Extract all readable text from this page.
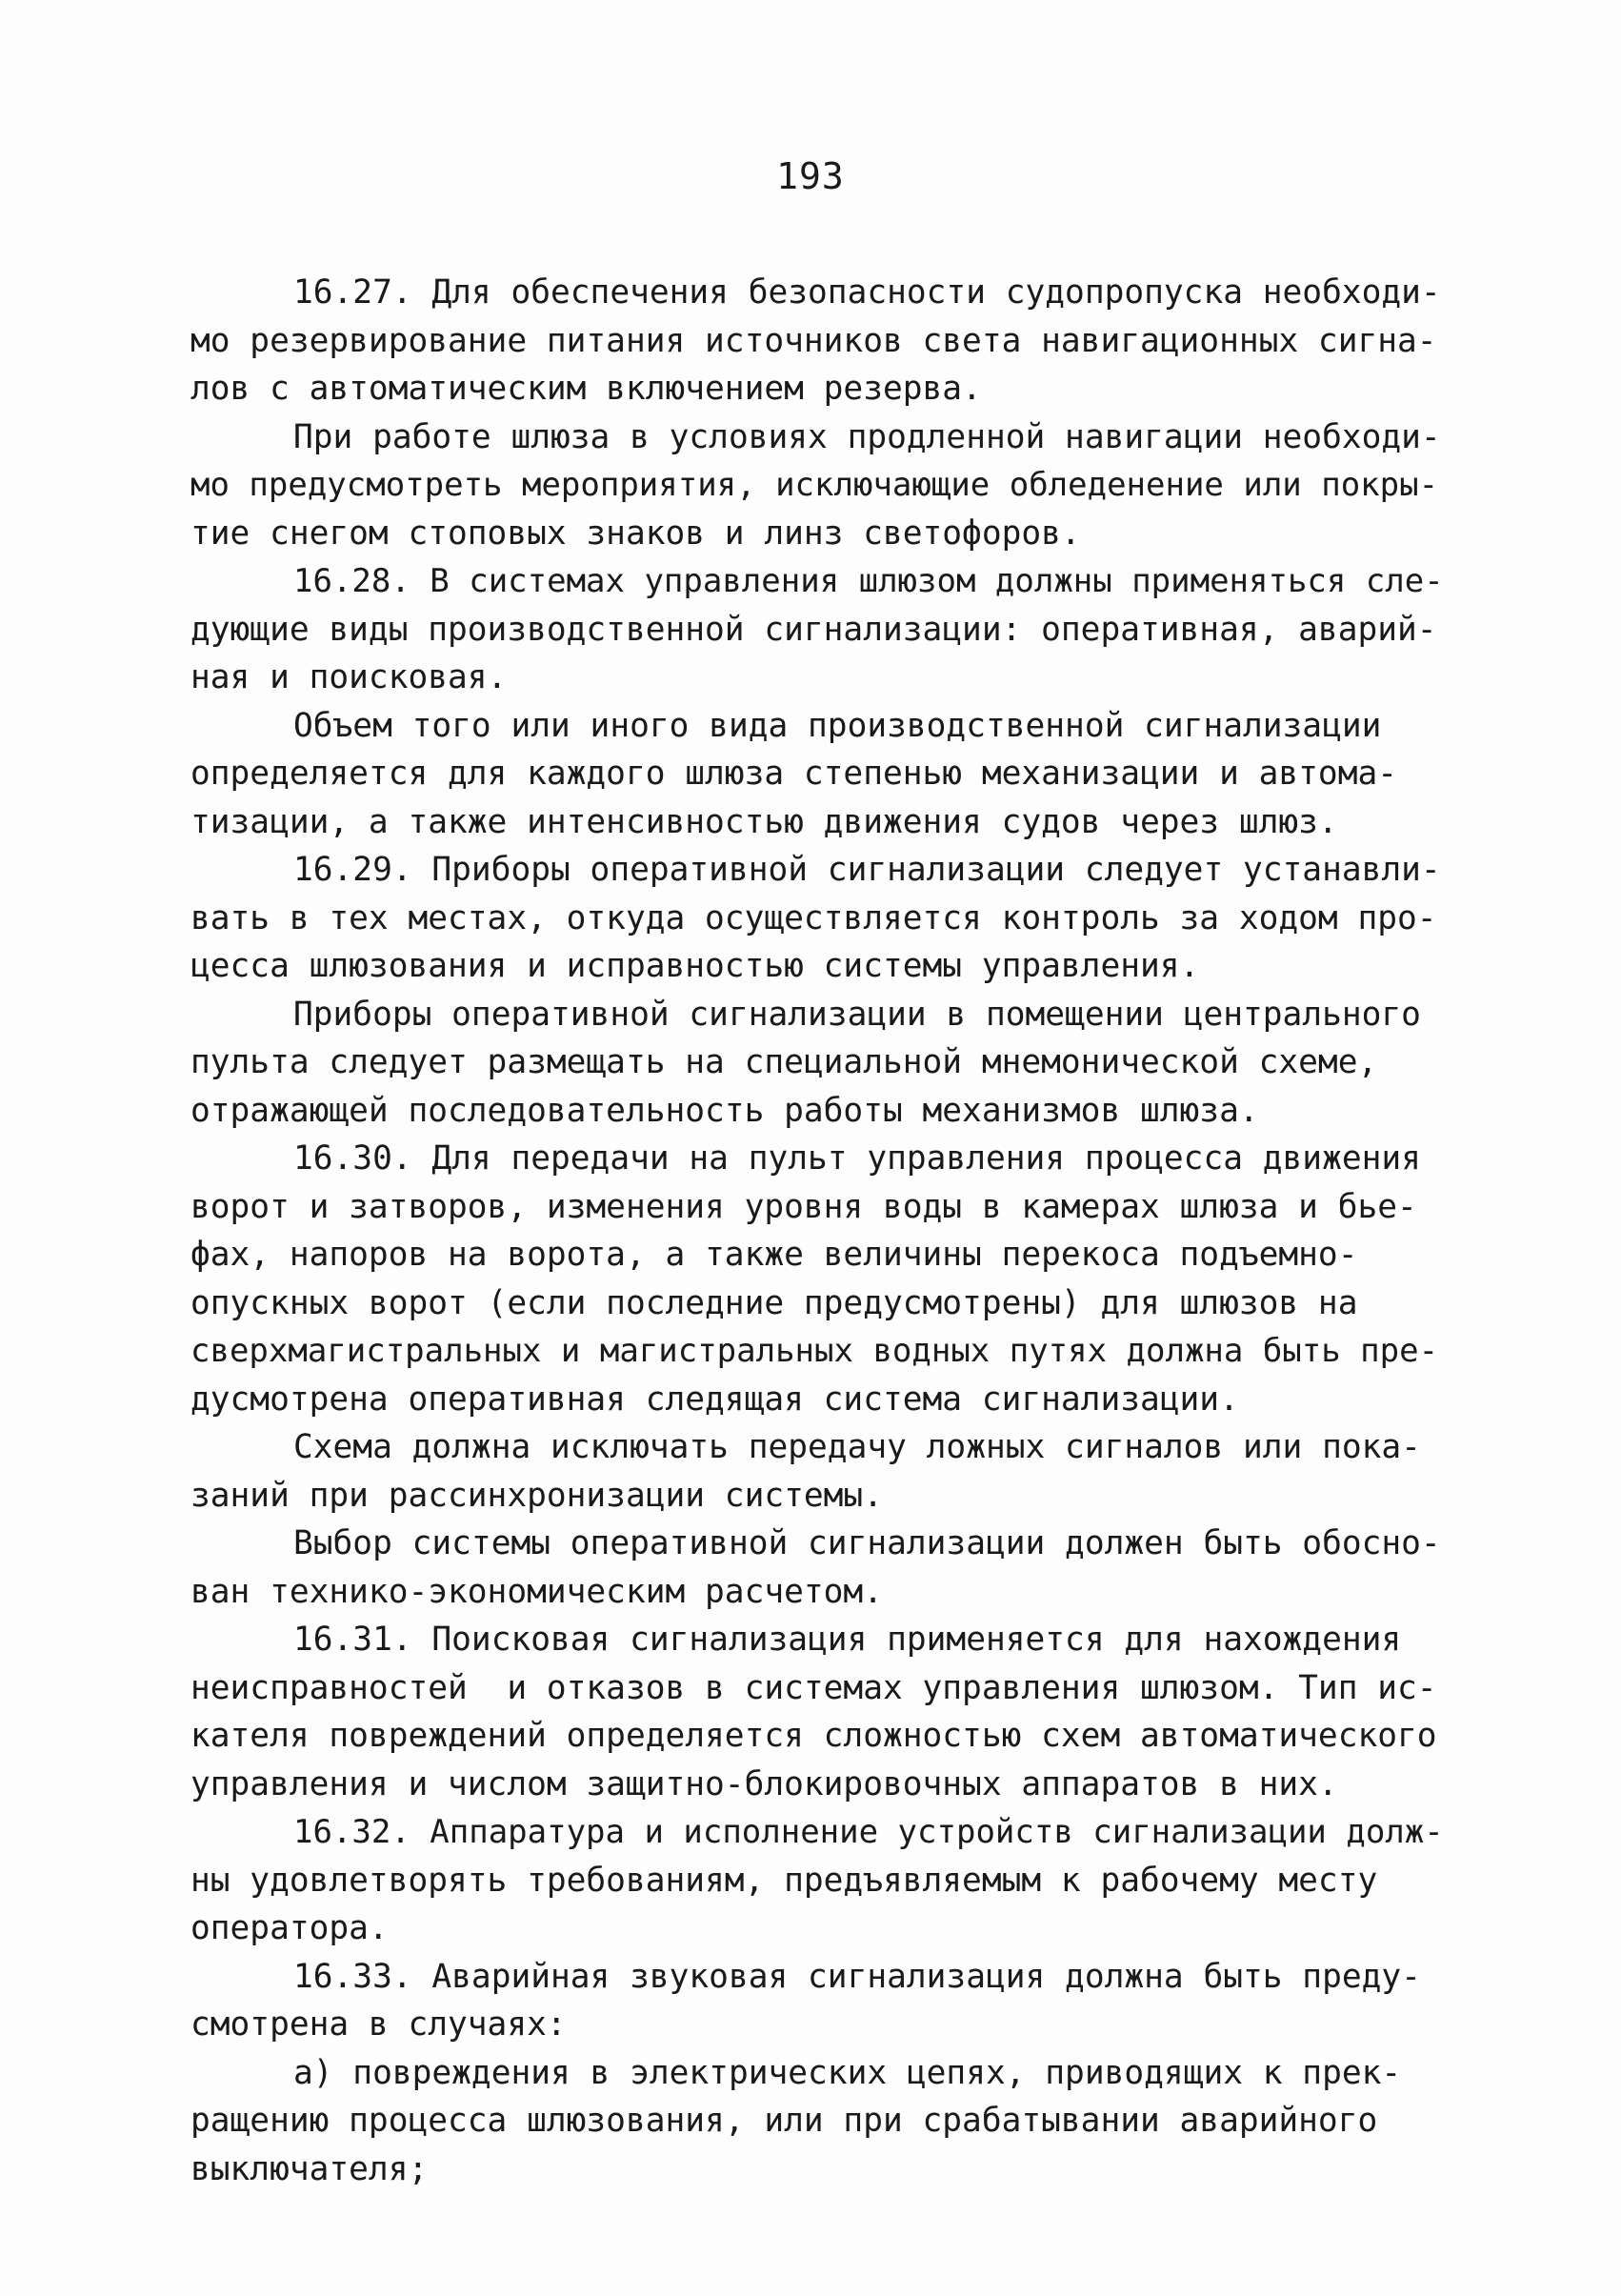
193
16.27. Для обеспечения безопасности судопропуска необходи-
мо резервирование питания источников света навигационных сигна-
лов с автоматическим включением резерва.
При работе шлюза в условиях продленной навигации необходи-
мо предусмотреть мероприятия, исключающие обледенение или покры-
тие снегом стоповых знаков и линз светофоров.
16.28. В системах управления шлюзом должны применяться сле-
дующие виды производственной сигнализации: оперативная, аварий-
ная и поисковая.
Объем того или иного вида производственной сигнализации
определяется для каждого шлюза степенью механизации и автома-
тизации, а также интенсивностью движения судов через шлюз.
16.29. Приборы оперативной сигнализации следует устанавли-
вать в тех местах, откуда осуществляется контроль за ходом про-
цесса шлюзования и исправностью системы управления.
Приборы оперативной сигнализации в помещении центрального
пульта следует размещать на специальной мнемонической схеме,
отражающей последовательность работы механизмов шлюза.
16.30. Для передачи на пульт управления процесса движения
ворот и затворов, изменения уровня воды в камерах шлюза и бье-
фах, напоров на ворота, а также величины перекоса подъемно-
опускных ворот (если последние предусмотрены) для шлюзов на
сверхмагистральных и магистральных водных путях должна быть пре-
дусмотрена оперативная следящая система сигнализации.
Схема должна исключать передачу ложных сигналов или пока-
заний при рассинхронизации системы.
Выбор системы оперативной сигнализации должен быть обосно-
ван технико-экономическим расчетом.
16.31. Поисковая сигнализация применяется для нахождения
неисправностей  и отказов в системах управления шлюзом. Тип ис-
кателя повреждений определяется сложностью схем автоматического
управления и числом защитно-блокировочных аппаратов в них.
16.32. Аппаратура и исполнение устройств сигнализации долж-
ны удовлетворять требованиям, предъявляемым к рабочему месту
оператора.
16.33. Аварийная звуковая сигнализация должна быть преду-
смотрена в случаях:
а) повреждения в электрических цепях, приводящих к прек-
ращению процесса шлюзования, или при срабатывании аварийного
выключателя;
